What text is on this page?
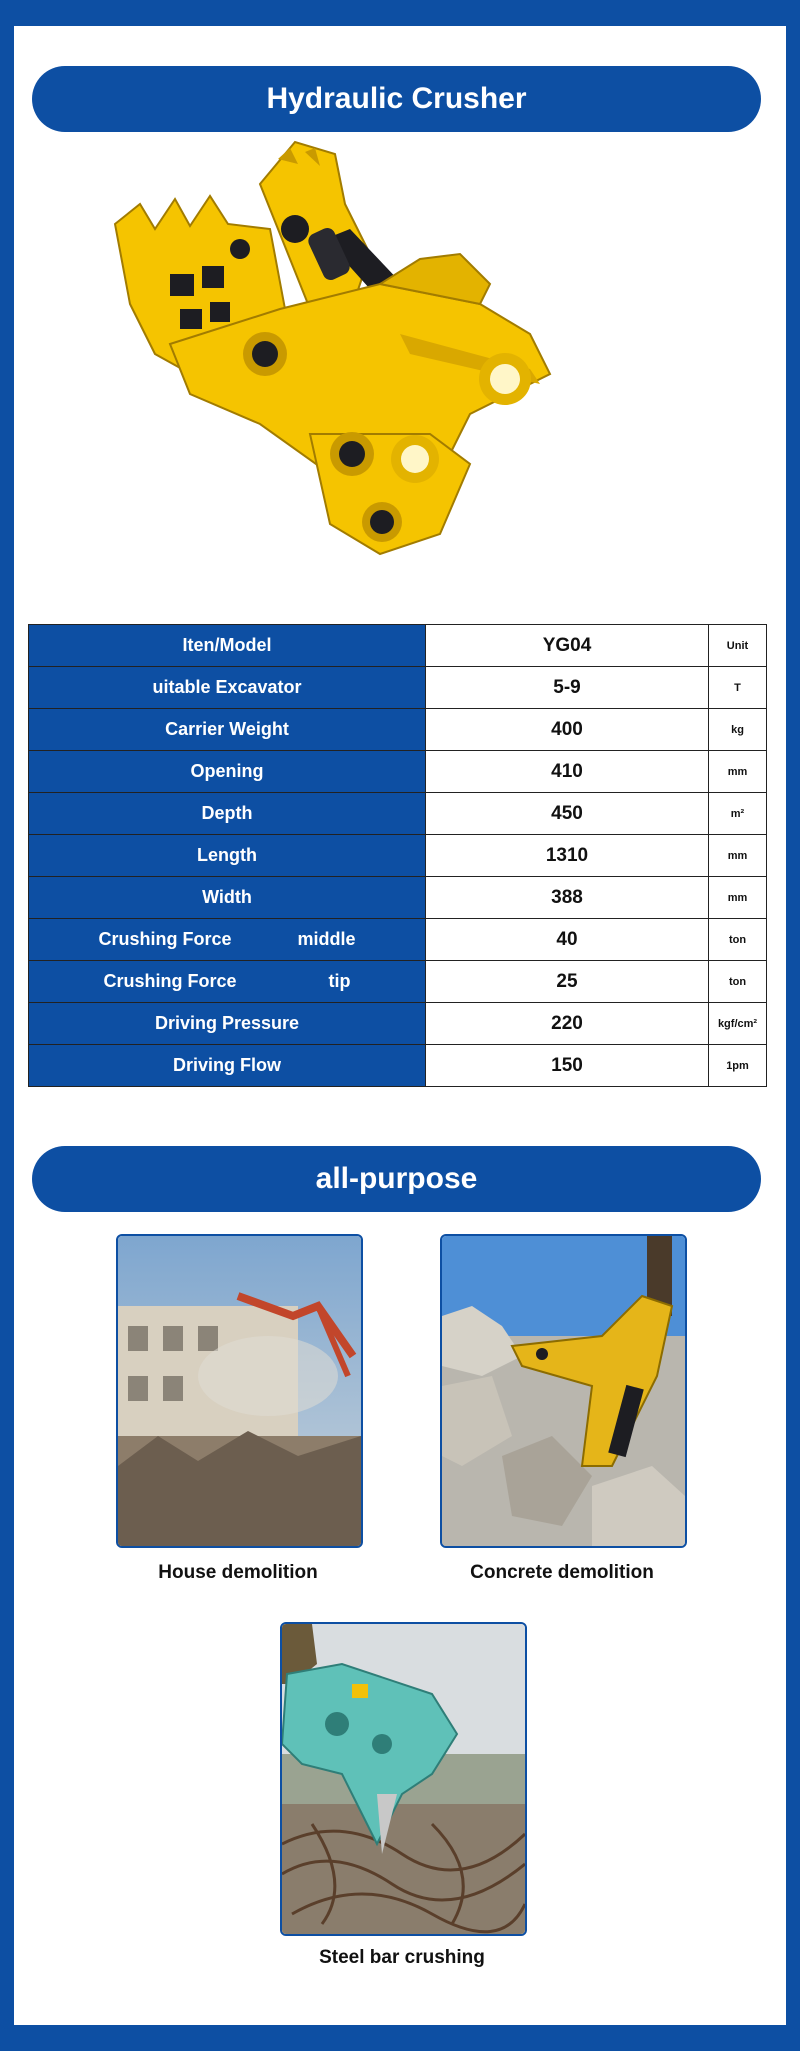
Hydraulic Crusher
Iten/Model	YG04	Unit
uitable Excavator	5-9	T
Carrier Weight	400	kg
Opening	410	mm
Depth	450	m²
Length	1310	mm
Width	388	mm
Crushing Force middle	40	ton
Crushing Force tip	25	ton
Driving Pressure	220	kgf/cm²
Driving Flow	150	1pm
all-purpose
House demolition	Concrete demolition
Steel bar crushing
